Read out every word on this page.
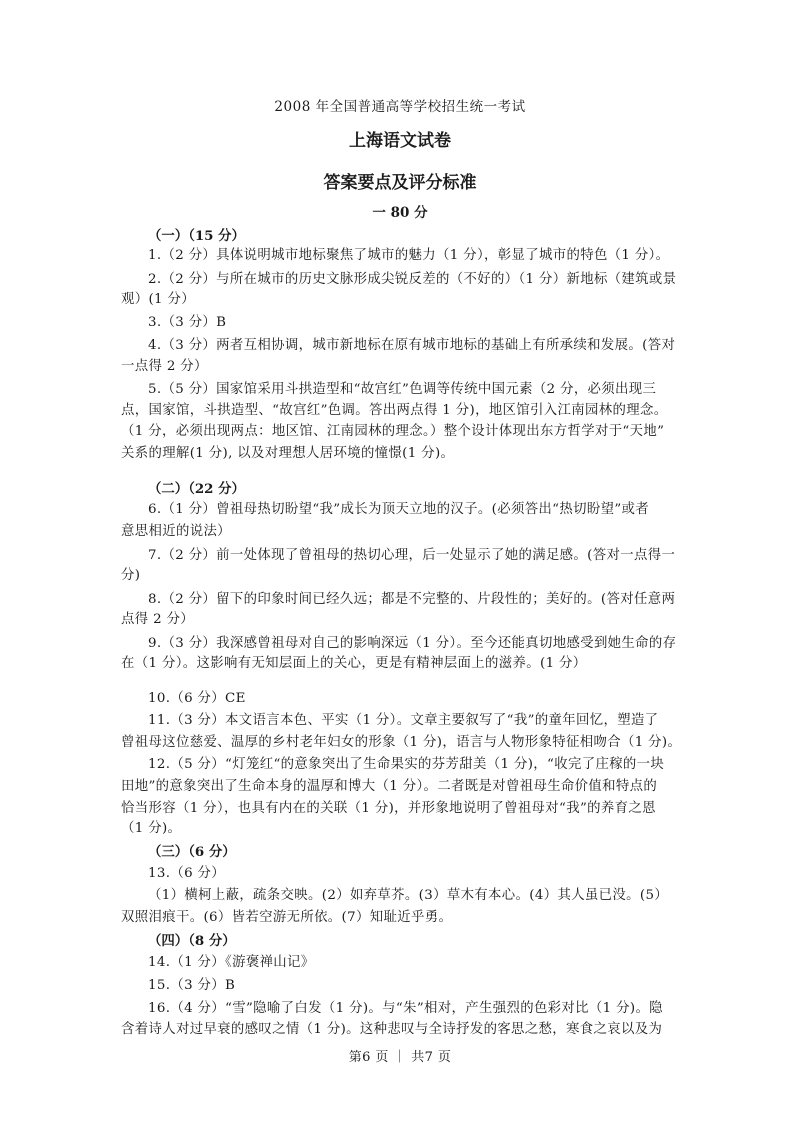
2008 年全国普通高等学校招生统一考试
上海语文试卷
答案要点及评分标准
一 80 分
（一）（15 分）
1.（2 分）具体说明城市地标聚焦了城市的魅力（1 分），彰显了城市的特色（1 分）。
2.（2 分）与所在城市的历史文脉形成尖锐反差的（不好的）（1 分）新地标（建筑或景
观）(1 分）
3.（3 分）B
4.（3 分）两者互相协调，城市新地标在原有城市地标的基础上有所承续和发展。(答对
一点得 2 分）
5.（5 分）国家馆采用斗拱造型和“故宫红”色调等传统中国元素（2 分，必须出现三
点，国家馆，斗拱造型、“故宫红”色调。答出两点得 1 分)，地区馆引入江南园林的理念。
（1 分，必须出现两点：地区馆、江南园林的理念。）整个设计体现出东方哲学对于“天地”
关系的理解(1 分), 以及对理想人居环境的憧憬(1 分)。
（二）（22 分）
6.（1 分）曾祖母热切盼望“我”成长为顶天立地的汉子。(必须答出“热切盼望”或者
意思相近的说法）
7.（2 分）前一处体现了曾祖母的热切心理，后一处显示了她的满足感。(答对一点得一
分)
8.（2 分）留下的印象时间已经久远；都是不完整的、片段性的；美好的。(答对任意两
点得 2 分）
9.（3 分）我深感曾祖母对自己的影响深远（1 分）。至今还能真切地感受到她生命的存
在（1 分）。这影响有无知层面上的关心，更是有精神层面上的滋养。(1 分）
10.（6 分）CE
11.（3 分）本文语言本色、平实（1 分）。文章主要叙写了“我”的童年回忆，塑造了
曾祖母这位慈爱、温厚的乡村老年妇女的形象（1 分)，语言与人物形象特征相吻合（1 分)。
12.（5 分）“灯笼红“的意象突出了生命果实的芬芳甜美（1 分)，“收完了庄稼的一块
田地”的意象突出了生命本身的温厚和博大（1 分）。二者既是对曾祖母生命价值和特点的
恰当形容（1 分），也具有内在的关联（1 分)，并形象地说明了曾祖母对“我”的养育之恩
（1 分)。
（三）（6 分）
13.（6 分）
（1）横柯上蔽，疏条交映。(2）如弃草芥。(3）草木有本心。(4）其人虽已没。(5）
双照泪痕干。(6）皆若空游无所依。(7）知耻近乎勇。
（四）（8 分）
14.（1 分）《游褒禅山记》
15.（3 分）B
16.（4 分）“雪”隐喻了白发（1 分)。与“朱”相对，产生强烈的色彩对比（1 分)。隐
含着诗人对过早衰的感叹之情（1 分)。这种悲叹与全诗抒发的客思之愁，寒食之哀以及为
第6 页 ｜ 共7 页
